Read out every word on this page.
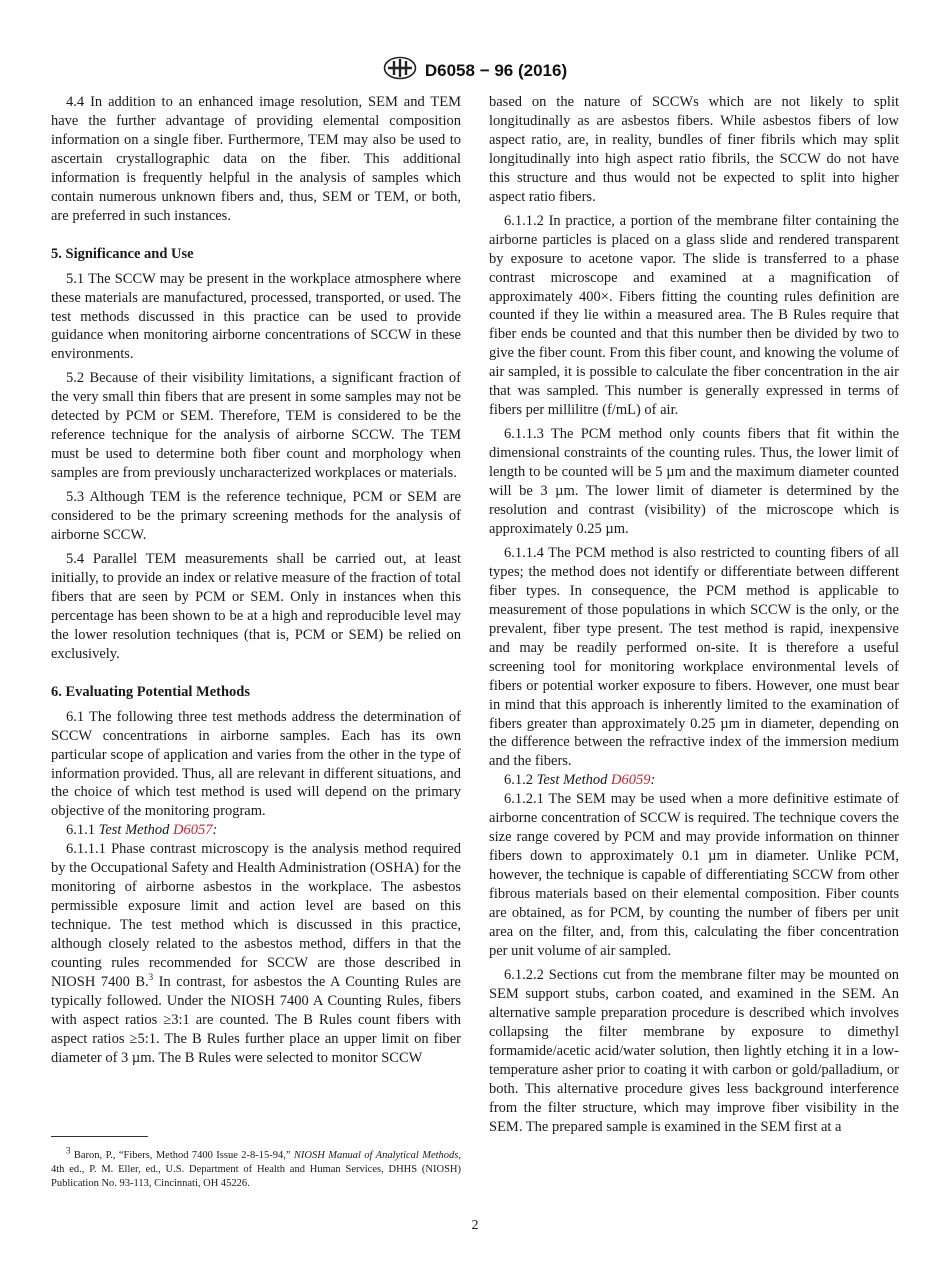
D6058 − 96 (2016)

4.4 In addition to an enhanced image resolution, SEM and TEM have the further advantage of providing elemental composition information on a single fiber. Furthermore, TEM may also be used to ascertain crystallographic data on the fiber. This additional information is frequently helpful in the analysis of samples which contain numerous unknown fibers and, thus, SEM or TEM, or both, are preferred in such instances.

5. Significance and Use

5.1 The SCCW may be present in the workplace atmosphere where these materials are manufactured, processed, transported, or used. The test methods discussed in this practice can be used to provide guidance when monitoring airborne concentrations of SCCW in these environments.

5.2 Because of their visibility limitations, a significant fraction of the very small thin fibers that are present in some samples may not be detected by PCM or SEM. Therefore, TEM is considered to be the reference technique for the analysis of airborne SCCW. The TEM must be used to determine both fiber count and morphology when samples are from previously uncharacterized workplaces or materials.

5.3 Although TEM is the reference technique, PCM or SEM are considered to be the primary screening methods for the analysis of airborne SCCW.

5.4 Parallel TEM measurements shall be carried out, at least initially, to provide an index or relative measure of the fraction of total fibers that are seen by PCM or SEM. Only in instances when this percentage has been shown to be at a high and reproducible level may the lower resolution techniques (that is, PCM or SEM) be relied on exclusively.

6. Evaluating Potential Methods

6.1 The following three test methods address the determination of SCCW concentrations in airborne samples. Each has its own particular scope of application and varies from the other in the type of information provided. Thus, all are relevant in different situations, and the choice of which test method is used will depend on the primary objective of the monitoring program.

6.1.1 Test Method D6057:

6.1.1.1 Phase contrast microscopy is the analysis method required by the Occupational Safety and Health Administration (OSHA) for the monitoring of airborne asbestos in the workplace. The asbestos permissible exposure limit and action level are based on this technique. The test method which is discussed in this practice, although closely related to the asbestos method, differs in that the counting rules recommended for SCCW are those described in NIOSH 7400 B.$^3$ In contrast, for asbestos the A Counting Rules are typically followed. Under the NIOSH 7400 A Counting Rules, fibers with aspect ratios ≥3:1 are counted. The B Rules count fibers with aspect ratios ≥5:1. The B Rules further place an upper limit on fiber diameter of 3 µm. The B Rules were selected to monitor SCCW

based on the nature of SCCWs which are not likely to split longitudinally as are asbestos fibers. While asbestos fibers of low aspect ratio, are, in reality, bundles of finer fibrils which may split longitudinally into high aspect ratio fibrils, the SCCW do not have this structure and thus would not be expected to split into higher aspect ratio fibers.

6.1.1.2 In practice, a portion of the membrane filter containing the airborne particles is placed on a glass slide and rendered transparent by exposure to acetone vapor. The slide is transferred to a phase contrast microscope and examined at a magnification of approximately 400×. Fibers fitting the counting rules definition are counted if they lie within a measured area. The B Rules require that fiber ends be counted and that this number then be divided by two to give the fiber count. From this fiber count, and knowing the volume of air sampled, it is possible to calculate the fiber concentration in the air that was sampled. This number is generally expressed in terms of fibers per millilitre (f/mL) of air.

6.1.1.3 The PCM method only counts fibers that fit within the dimensional constraints of the counting rules. Thus, the lower limit of length to be counted will be 5 µm and the maximum diameter counted will be 3 µm. The lower limit of diameter is determined by the resolution and contrast (visibility) of the microscope which is approximately 0.25 µm.

6.1.1.4 The PCM method is also restricted to counting fibers of all types; the method does not identify or differentiate between different fiber types. In consequence, the PCM method is applicable to measurement of those populations in which SCCW is the only, or the prevalent, fiber type present. The test method is rapid, inexpensive and may be readily performed on-site. It is therefore a useful screening tool for monitoring workplace environmental levels of fibers or potential worker exposure to fibers. However, one must bear in mind that this approach is inherently limited to the examination of fibers greater than approximately 0.25 µm in diameter, depending on the difference between the refractive index of the immersion medium and the fibers.

6.1.2 Test Method D6059:

6.1.2.1 The SEM may be used when a more definitive estimate of airborne concentration of SCCW is required. The technique covers the size range covered by PCM and may provide information on thinner fibers down to approximately 0.1 µm in diameter. Unlike PCM, however, the technique is capable of differentiating SCCW from other fibrous materials based on their elemental composition. Fiber counts are obtained, as for PCM, by counting the number of fibers per unit area on the filter, and, from this, calculating the fiber concentration per unit volume of air sampled.

6.1.2.2 Sections cut from the membrane filter may be mounted on SEM support stubs, carbon coated, and examined in the SEM. An alternative sample preparation procedure is described which involves collapsing the filter membrane by exposure to dimethyl formamide/acetic acid/water solution, then lightly etching it in a low-temperature asher prior to coating it with carbon or gold/palladium, or both. This alternative procedure gives less background interference from the filter structure, which may improve fiber visibility in the SEM. The prepared sample is examined in the SEM first at a

$^3$ Baron, P., “Fibers, Method 7400 Issue 2-8-15-94,” NIOSH Manual of Analytical Methods, 4th ed., P. M. Eller, ed., U.S. Department of Health and Human Services, DHHS (NIOSH) Publication No. 93-113, Cincinnati, OH 45226.

2
